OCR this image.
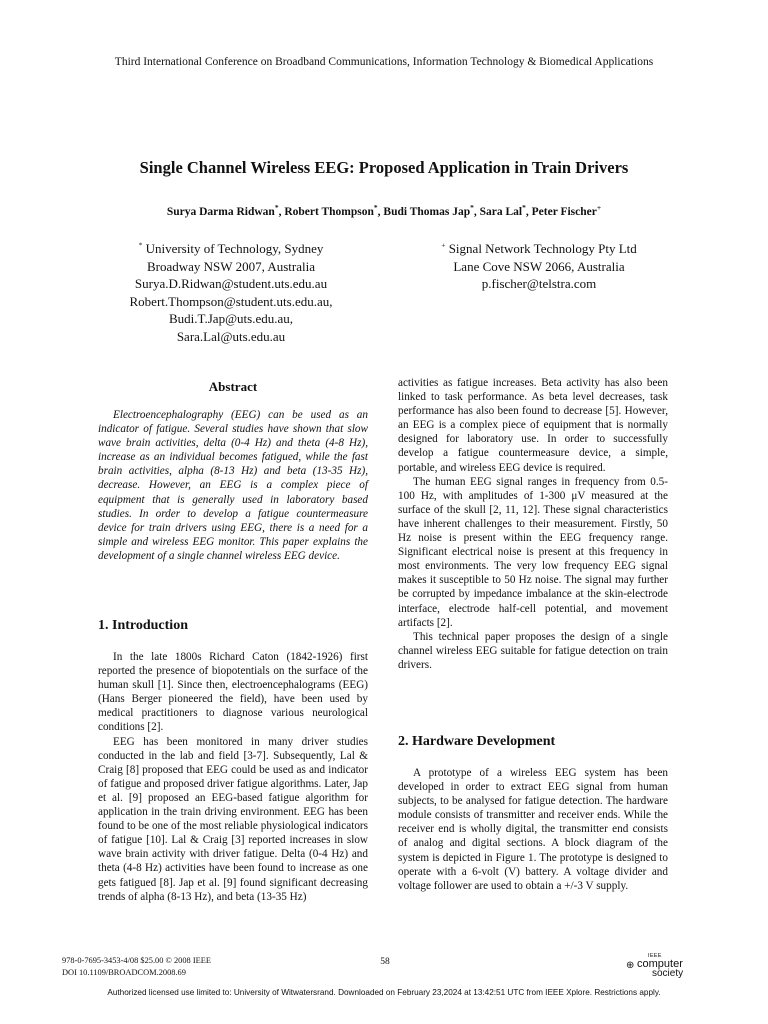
Third International Conference on Broadband Communications, Information Technology & Biomedical Applications
Single Channel Wireless EEG: Proposed Application in Train Drivers
Surya Darma Ridwan*, Robert Thompson*, Budi Thomas Jap*, Sara Lal*, Peter Fischer+
* University of Technology, Sydney
Broadway NSW 2007, Australia
Surya.D.Ridwan@student.uts.edu.au
Robert.Thompson@student.uts.edu.au,
Budi.T.Jap@uts.edu.au,
Sara.Lal@uts.edu.au
+ Signal Network Technology Pty Ltd
Lane Cove NSW 2066, Australia
p.fischer@telstra.com
Abstract

Electroencephalography (EEG) can be used as an indicator of fatigue. Several studies have shown that slow wave brain activities, delta (0-4 Hz) and theta (4-8 Hz), increase as an individual becomes fatigued, while the fast brain activities, alpha (8-13 Hz) and beta (13-35 Hz), decrease. However, an EEG is a complex piece of equipment that is generally used in laboratory based studies. In order to develop a fatigue countermeasure device for train drivers using EEG, there is a need for a simple and wireless EEG monitor. This paper explains the development of a single channel wireless EEG device.

1. Introduction

In the late 1800s Richard Caton (1842-1926) first reported the presence of biopotentials on the surface of the human skull [1]. Since then, electroencephalograms (EEG) (Hans Berger pioneered the field), have been used by medical practitioners to diagnose various neurological conditions [2].

EEG has been monitored in many driver studies conducted in the lab and field [3-7]. Subsequently, Lal & Craig [8] proposed that EEG could be used as and indicator of fatigue and proposed driver fatigue algorithms. Later, Jap et al. [9] proposed an EEG-based fatigue algorithm for application in the train driving environment. EEG has been found to be one of the most reliable physiological indicators of fatigue [10]. Lal & Craig [3] reported increases in slow wave brain activity with driver fatigue. Delta (0-4 Hz) and theta (4-8 Hz) activities have been found to increase as one gets fatigued [8]. Jap et al. [9] found significant decreasing trends of alpha (8-13 Hz), and beta (13-35 Hz)

activities as fatigue increases. Beta activity has also been linked to task performance. As beta level decreases, task performance has also been found to decrease [5]. However, an EEG is a complex piece of equipment that is normally designed for laboratory use. In order to successfully develop a fatigue countermeasure device, a simple, portable, and wireless EEG device is required.

The human EEG signal ranges in frequency from 0.5-100 Hz, with amplitudes of 1-300 μV measured at the surface of the skull [2, 11, 12]. These signal characteristics have inherent challenges to their measurement. Firstly, 50 Hz noise is present within the EEG frequency range. Significant electrical noise is present at this frequency in most environments. The very low frequency EEG signal makes it susceptible to 50 Hz noise. The signal may further be corrupted by impedance imbalance at the skin-electrode interface, electrode half-cell potential, and movement artifacts [2].

This technical paper proposes the design of a single channel wireless EEG suitable for fatigue detection on train drivers.

2. Hardware Development

A prototype of a wireless EEG system has been developed in order to extract EEG signal from human subjects, to be analysed for fatigue detection. The hardware module consists of transmitter and receiver ends. While the receiver end is wholly digital, the transmitter end consists of analog and digital sections. A block diagram of the system is depicted in Figure 1. The prototype is designed to operate with a 6-volt (V) battery. A voltage divider and voltage follower are used to obtain a +/-3 V supply.

978-0-7695-3453-4/08 $25.00 © 2008 IEEE
DOI 10.1109/BROADCOM.2008.69
58
IEEE
⊕ computer
society
Authorized licensed use limited to: University of Witwatersrand. Downloaded on February 23,2024 at 13:42:51 UTC from IEEE Xplore. Restrictions apply.
